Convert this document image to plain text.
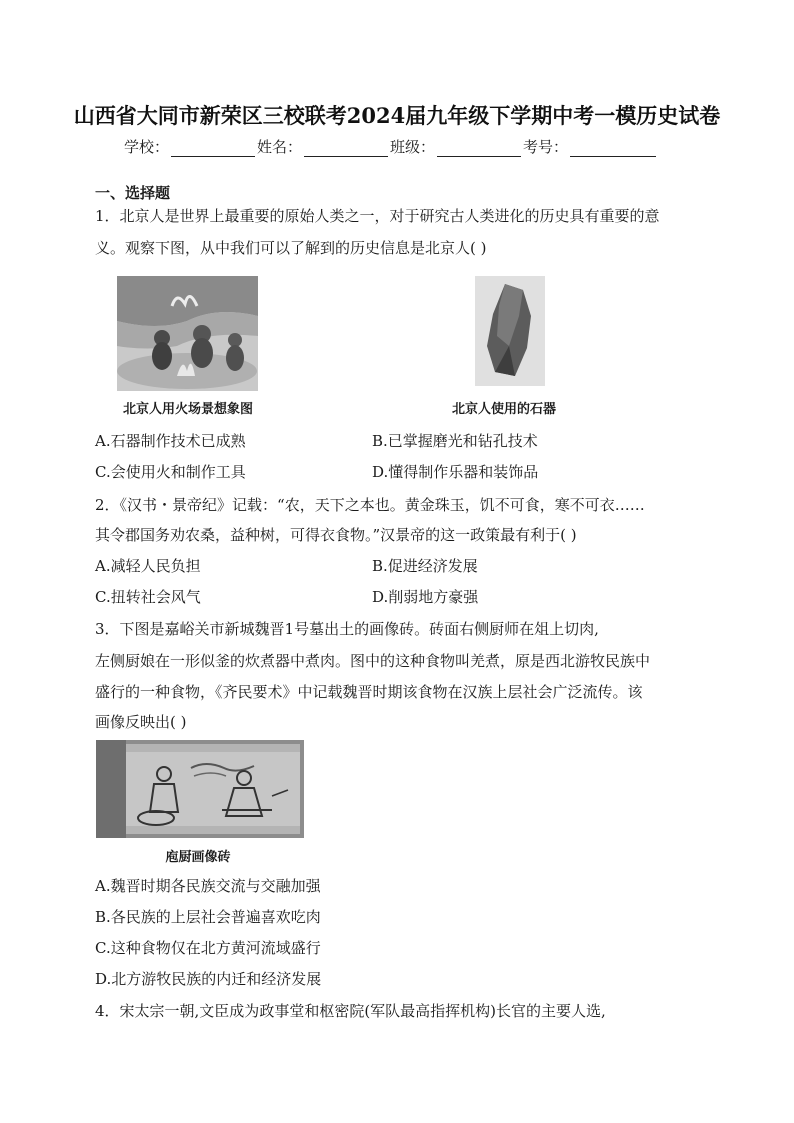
山西省大同市新荣区三校联考2024届九年级下学期中考一模历史试卷
学校：	姓名：	班级：	考号：
一、选择题
1．北京人是世界上最重要的原始人类之一，对于研究古人类进化的历史具有重要的意
义。观察下图，从中我们可以了解到的历史信息是北京人( )
北京人用火场景想象图	北京人使用的石器
A.石器制作技术已成熟	B.已掌握磨光和钻孔技术
C.会使用火和制作工具	D.懂得制作乐器和装饰品
2．《汉书・景帝纪》记载：“农，天下之本也。黄金珠玉，饥不可食，寒不可衣……
其令郡国务劝农桑，益种树，可得衣食物。”汉景帝的这一政策最有利于( )
A.减轻人民负担	B.促进经济发展
C.扭转社会风气	D.削弱地方豪强
3．下图是嘉峪关市新城魏晋1号墓出土的画像砖。砖面右侧厨师在俎上切肉,
左侧厨娘在一形似釜的炊煮器中煮肉。图中的这种食物叫羌煮，原是西北游牧民族中
盛行的一种食物，《齐民要术》中记载魏晋时期该食物在汉族上层社会广泛流传。该
画像反映出( )
庖厨画像砖
A.魏晋时期各民族交流与交融加强
B.各民族的上层社会普遍喜欢吃肉
C.这种食物仅在北方黄河流域盛行
D.北方游牧民族的内迁和经济发展
4．宋太宗一朝,文臣成为政事堂和枢密院(军队最高指挥机构)长官的主要人选,
